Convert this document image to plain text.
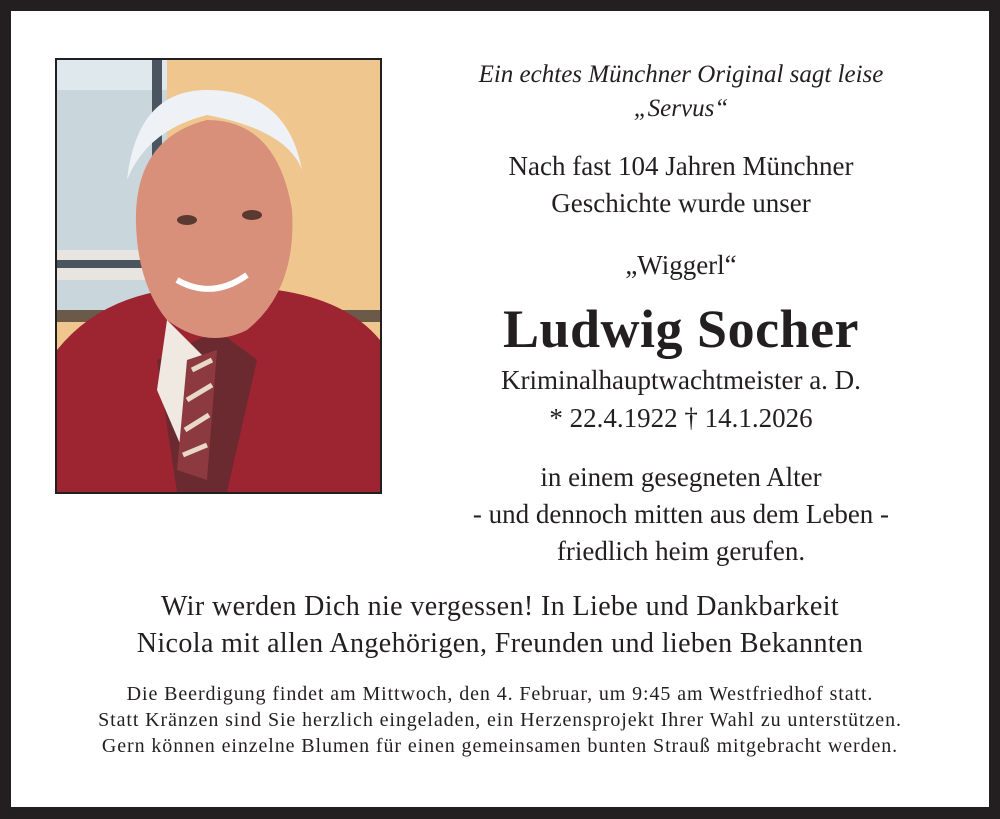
Ein echtes Münchner Original sagt leise
„Servus“
Nach fast 104 Jahren Münchner
Geschichte wurde unser
„Wiggerl“
Ludwig Socher
Kriminalhauptwachtmeister a. D.
* 22.4.1922 † 14.1.2026
in einem gesegneten Alter
- und dennoch mitten aus dem Leben -
friedlich heim gerufen.
Wir werden Dich nie vergessen! In Liebe und Dankbarkeit
Nicola mit allen Angehörigen, Freunden und lieben Bekannten
Die Beerdigung findet am Mittwoch, den 4. Februar, um 9:45 am Westfriedhof statt.
Statt Kränzen sind Sie herzlich eingeladen, ein Herzensprojekt Ihrer Wahl zu unterstützen.
Gern können einzelne Blumen für einen gemeinsamen bunten Strauß mitgebracht werden.
